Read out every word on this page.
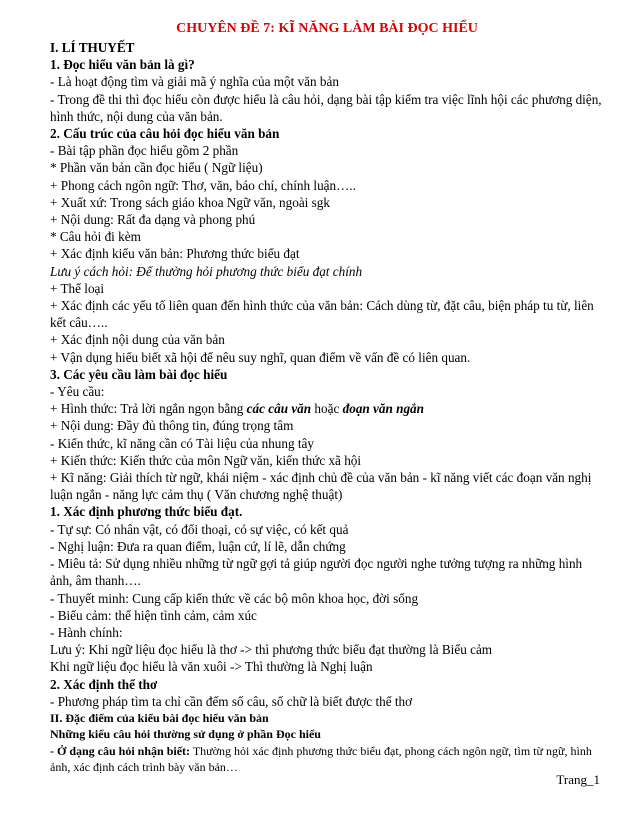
CHUYÊN ĐỀ 7: KĨ NĂNG LÀM BÀI ĐỌC HIỂU

I. LÍ THUYẾT

1. Đọc hiểu văn bản là gì?

- Là hoạt động tìm và giải mã ý nghĩa của một văn bản

- Trong đề thi thì đọc hiểu còn được hiểu là câu hỏi, dạng bài tập kiểm tra việc lĩnh hội các phương diện, hình thức, nội dung của văn bản.

2. Cấu trúc của câu hỏi đọc hiểu văn bản

- Bài tập phần đọc hiểu gồm 2 phần

* Phần văn bản cần đọc hiểu ( Ngữ liệu)

+ Phong cách ngôn ngữ: Thơ, văn, báo chí, chính luận…..

+ Xuất xứ: Trong sách giáo khoa Ngữ văn, ngoài sgk

+ Nội dung: Rất đa dạng và phong phú

* Câu hỏi đi kèm

+ Xác định kiểu văn bản: Phương thức biểu đạt

Lưu ý cách hỏi: Để thường hỏi phương thức biểu đạt chính

+ Thể loại

+ Xác định các yếu tố liên quan đến hình thức của văn bản: Cách dùng từ, đặt câu, biện pháp tu từ, liên kết câu…..

+ Xác định nội dung của văn bản

+ Vận dụng hiểu biết xã hội để nêu suy nghĩ, quan điểm về vấn đề có liên quan.

3. Các yêu cầu làm bài đọc hiểu

- Yêu cầu:

+ Hình thức: Trả lời ngắn ngọn bằng các câu văn hoặc đoạn văn ngắn

+ Nội dung: Đầy đủ thông tin, đúng trọng tâm

- Kiến thức, kĩ năng cần có Tài liệu của nhung tây

+ Kiến thức: Kiến thức của môn Ngữ văn, kiến thức xã hội

+ Kĩ năng: Giải thích từ ngữ, khái niệm - xác định chủ đề của văn bản - kĩ năng viết các đoạn văn nghị luận ngắn - năng lực cảm thụ ( Văn chương nghệ thuật)

1. Xác định phương thức biểu đạt.

- Tự sự: Có nhân vật, có đối thoại, có sự việc, có kết quả

- Nghị luận: Đưa ra quan điểm, luận cứ, lí lẽ, dẫn chứng

- Miêu tả: Sử dụng nhiều những từ ngữ gợi tả giúp người đọc người nghe tưởng tượng ra những hình ảnh, âm thanh….

- Thuyết minh: Cung cấp kiến thức về các bộ môn khoa học, đời sống

- Biểu cảm: thể hiện tình cảm, cảm xúc

- Hành chính:

Lưu ý: Khi ngữ liệu đọc hiểu là thơ -> thì phương thức biểu đạt thường là Biểu cảm

Khi ngữ liệu đọc hiểu là văn xuôi -> Thì thường là Nghị luận

2. Xác định thể thơ

- Phương pháp tìm ta chỉ cần đếm số câu, số chữ là biết được thể thơ

II. Đặc điểm của kiểu bài đọc hiểu văn bản

Những kiểu câu hỏi thường sử dụng ở phần Đọc hiểu

- Ở dạng câu hỏi nhận biết: Thường hỏi xác định phương thức biểu đạt, phong cách ngôn ngữ, tìm từ ngữ, hình ảnh, xác định cách trình bày văn bản…

Trang_1
